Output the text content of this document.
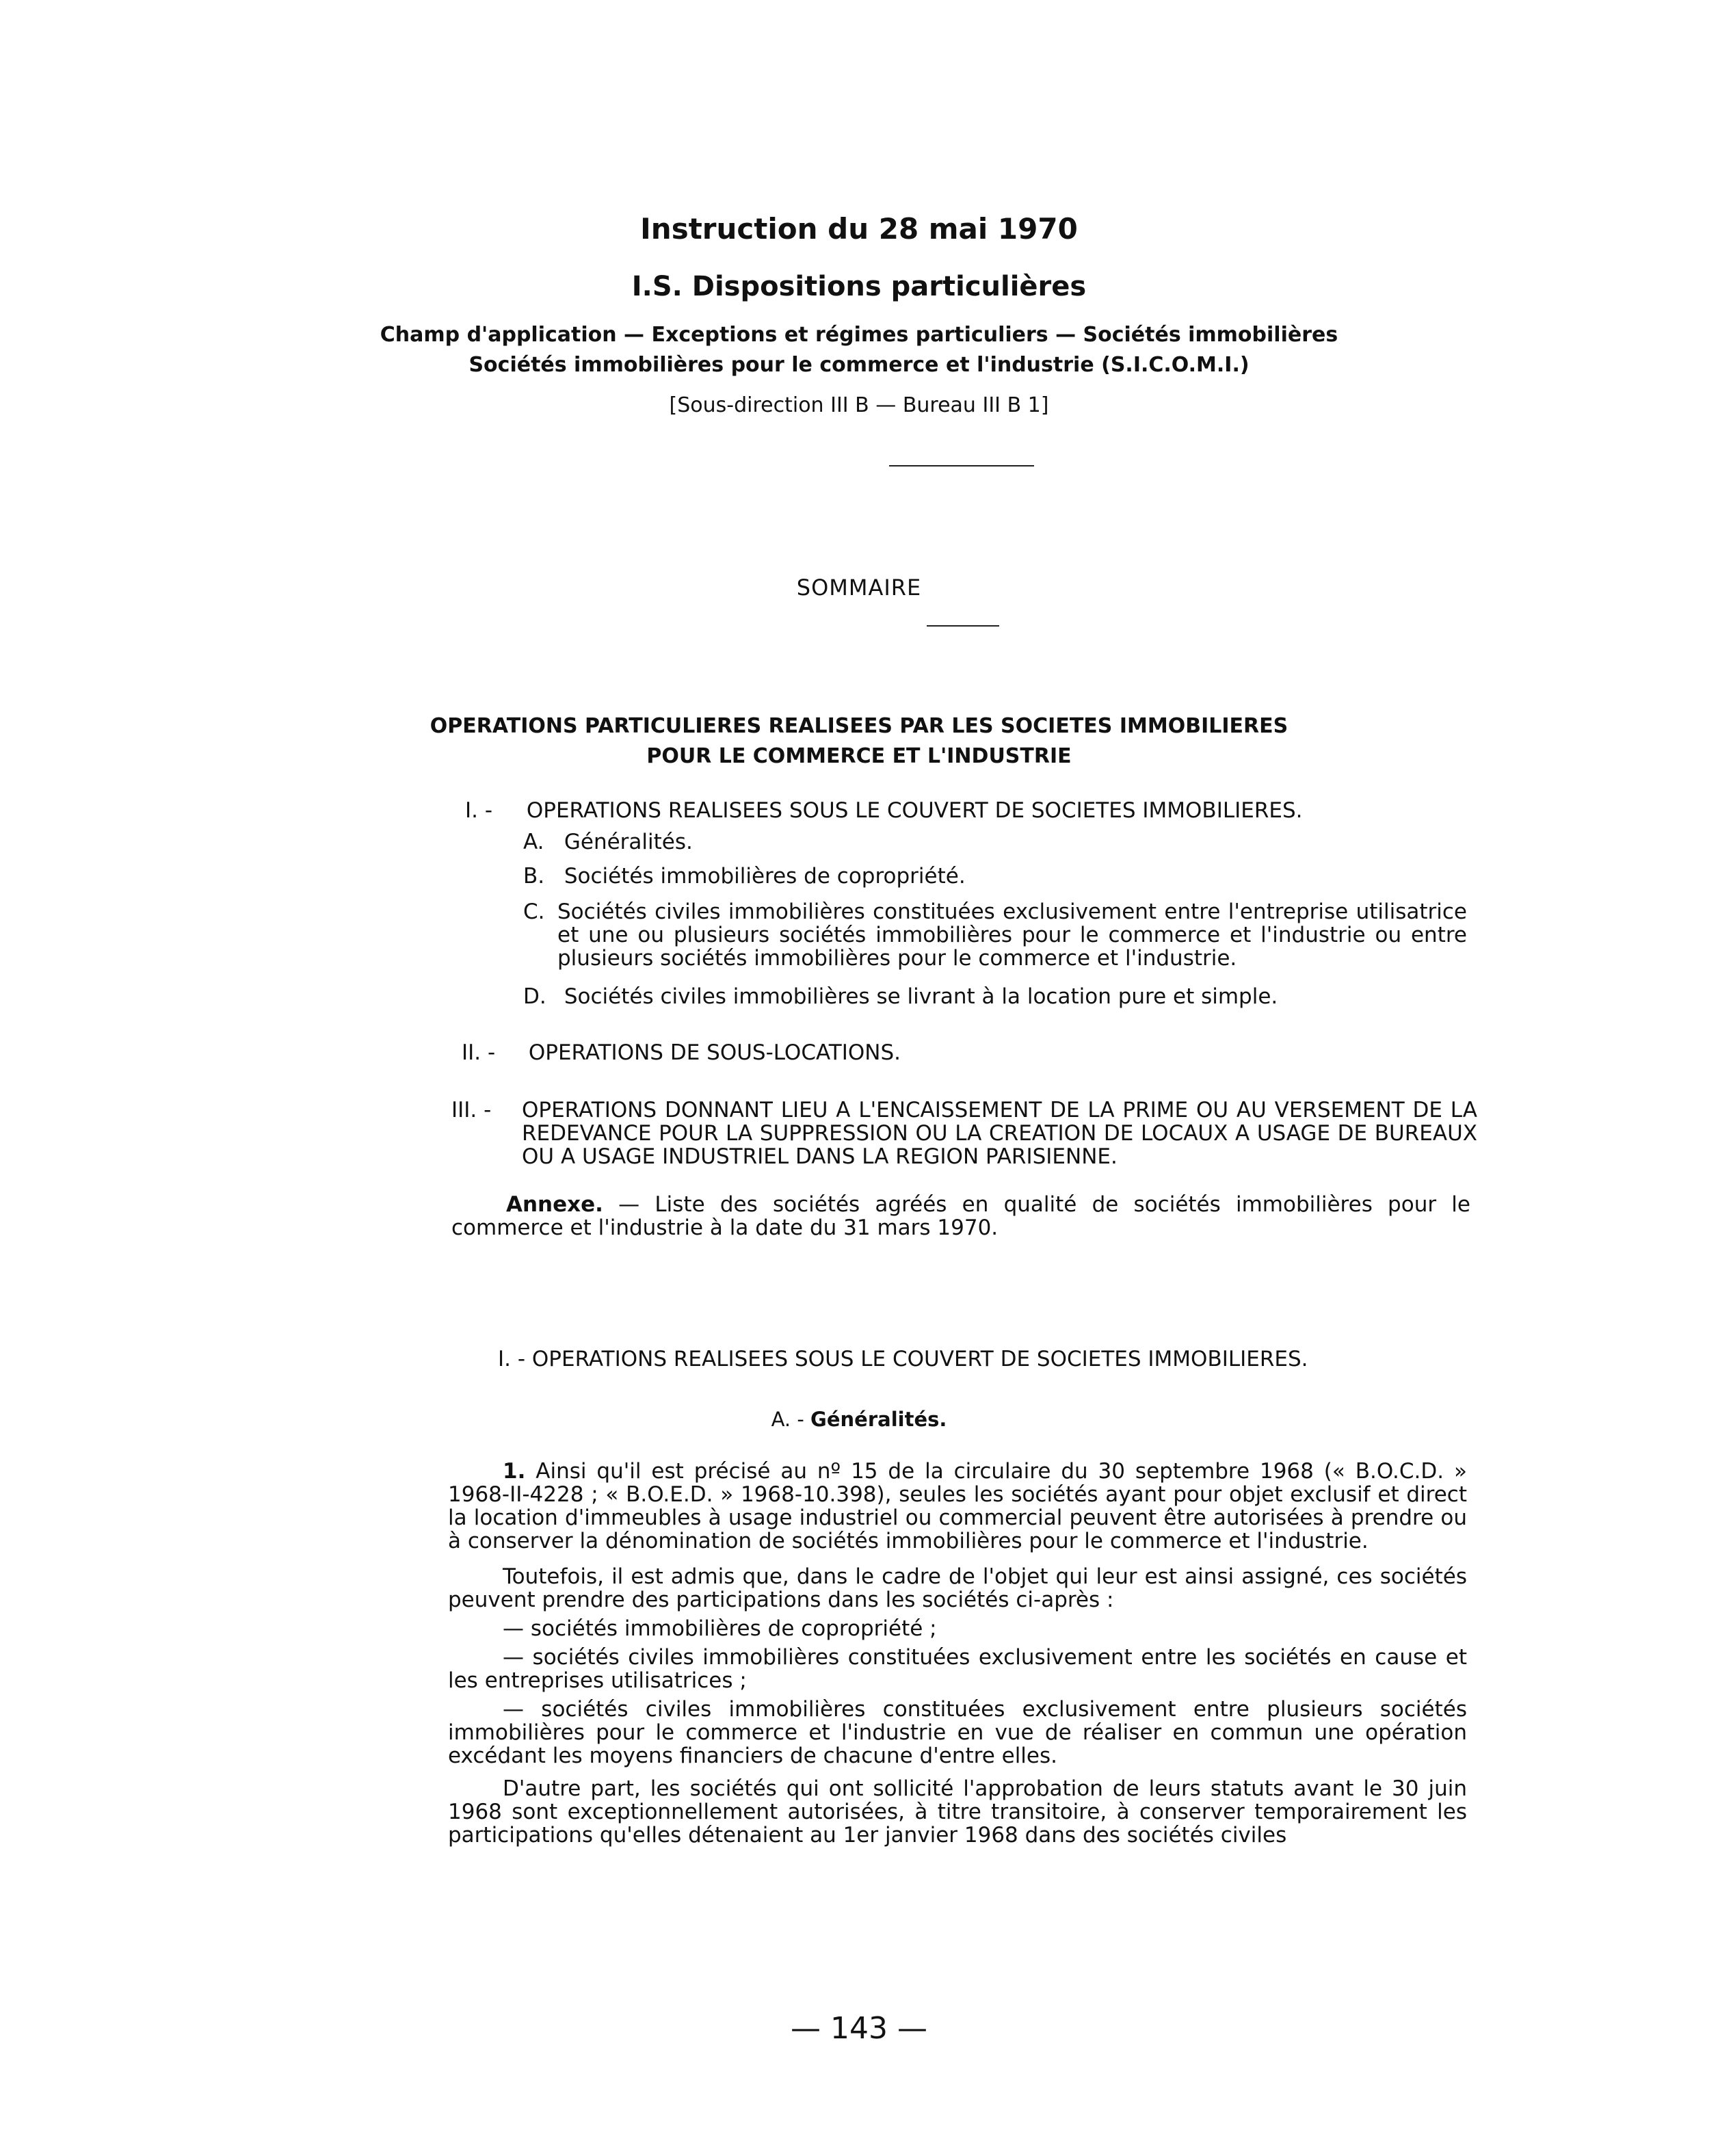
Instruction du 28 mai 1970
I.S. Dispositions particulières
Champ d'application — Exceptions et régimes particuliers — Sociétés immobilières
Sociétés immobilières pour le commerce et l'industrie (S.I.C.O.M.I.)
[Sous-direction III B — Bureau III B 1]
SOMMAIRE
OPERATIONS PARTICULIERES REALISEES PAR LES SOCIETES IMMOBILIERES
POUR LE COMMERCE ET L'INDUSTRIE
I. - OPERATIONS REALISEES SOUS LE COUVERT DE SOCIETES IMMOBILIERES.
A. Généralités.
B. Sociétés immobilières de copropriété.
C. Sociétés civiles immobilières constituées exclusivement entre l'entreprise utilisatrice et une ou plusieurs sociétés immobilières pour le commerce et l'industrie ou entre plusieurs sociétés immobilières pour le commerce et l'industrie.
D. Sociétés civiles immobilières se livrant à la location pure et simple.
II. - OPERATIONS DE SOUS-LOCATIONS.
III. -	OPERATIONS DONNANT LIEU A L'ENCAISSEMENT DE LA PRIME OU AU VERSEMENT DE LA REDEVANCE POUR LA SUPPRESSION OU LA CREATION DE LOCAUX A USAGE DE BUREAUX OU A USAGE INDUSTRIEL DANS LA REGION PARISIENNE.

Annexe. — Liste des sociétés agréés en qualité de sociétés immobilières pour le commerce et l'industrie à la date du 31 mars 1970.

I. - OPERATIONS REALISEES SOUS LE COUVERT DE SOCIETES IMMOBILIERES.
A. - Généralités.

1. Ainsi qu'il est précisé au nº 15 de la circulaire du 30 septembre 1968 (« B.O.C.D. » 1968-II-4228 ; « B.O.E.D. » 1968-10.398), seules les sociétés ayant pour objet exclusif et direct la location d'immeubles à usage industriel ou commercial peuvent être autorisées à prendre ou à conserver la dénomination de sociétés immobilières pour le commerce et l'industrie.

Toutefois, il est admis que, dans le cadre de l'objet qui leur est ainsi assigné, ces sociétés peuvent prendre des participations dans les sociétés ci-après :

— sociétés immobilières de copropriété ;

— sociétés civiles immobilières constituées exclusivement entre les sociétés en cause et les entreprises utilisatrices ;

— sociétés civiles immobilières constituées exclusivement entre plusieurs sociétés immobilières pour le commerce et l'industrie en vue de réaliser en commun une opération excédant les moyens financiers de chacune d'entre elles.

D'autre part, les sociétés qui ont sollicité l'approbation de leurs statuts avant le 30 juin 1968 sont exceptionnellement autorisées, à titre transitoire, à conserver temporairement les participations qu'elles détenaient au 1er janvier 1968 dans des sociétés civiles

— 143 —
